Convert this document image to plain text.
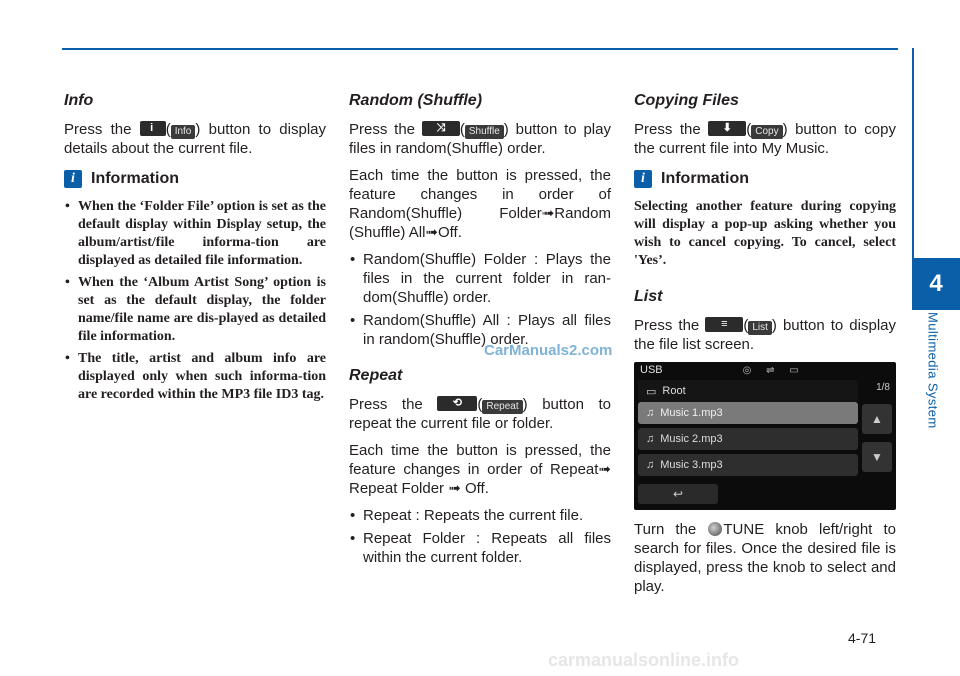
4
Multimedia System
Info

Press the	i ( Info ) button to display details about the current file.

i	Information
• When the ‘Folder File’ option is set as the default display within Display setup, the album/artist/file informa-tion are displayed as detailed file information.
• When the ‘Album Artist Song’ option is set as the default display, the folder name/file name are dis-played as detailed file information.
• The title, artist and album info are displayed only when such informa-tion are recorded within the MP3 file ID3 tag.
Random (Shuffle)

Press the	⤨ ( Shuffle ) button to play files in random(Shuffle) order.

Each time the button is pressed, the feature changes in order of Random(Shuffle) Folder➟Random (Shuffle) All➟Off.

• Random(Shuffle) Folder : Plays the files in the current folder in ran-dom(Shuffle) order.
• Random(Shuffle) All : Plays all files in random(Shuffle) order.
Repeat

Press the	⟲	( Repeat ) button to repeat the current file or folder.

Each time the button is pressed, the feature changes in order of Repeat➟ Repeat Folder ➟ Off.

• Repeat : Repeats the current file.
• Repeat Folder : Repeats all files within the current folder.
CarManuals2.com
Copying Files

Press the	⬇ ( Copy ) button to copy the current file into My Music.

i	Information

Selecting another feature during copying will display a pop-up asking whether you wish to cancel copying. To cancel, select 'Yes’.

List

Press the	≡	( List ) button to display the file list screen.

USB	◎ ⇌ ▭
▭ Root	1/8
♫ Music 1.mp3
♫ Music 2.mp3
♫ Music 3.mp3
▲
▼
↩

Turn the TUNE knob left/right to search for files. Once the desired file is displayed, press the knob to select and play.

4-71
carmanualsonline.info
